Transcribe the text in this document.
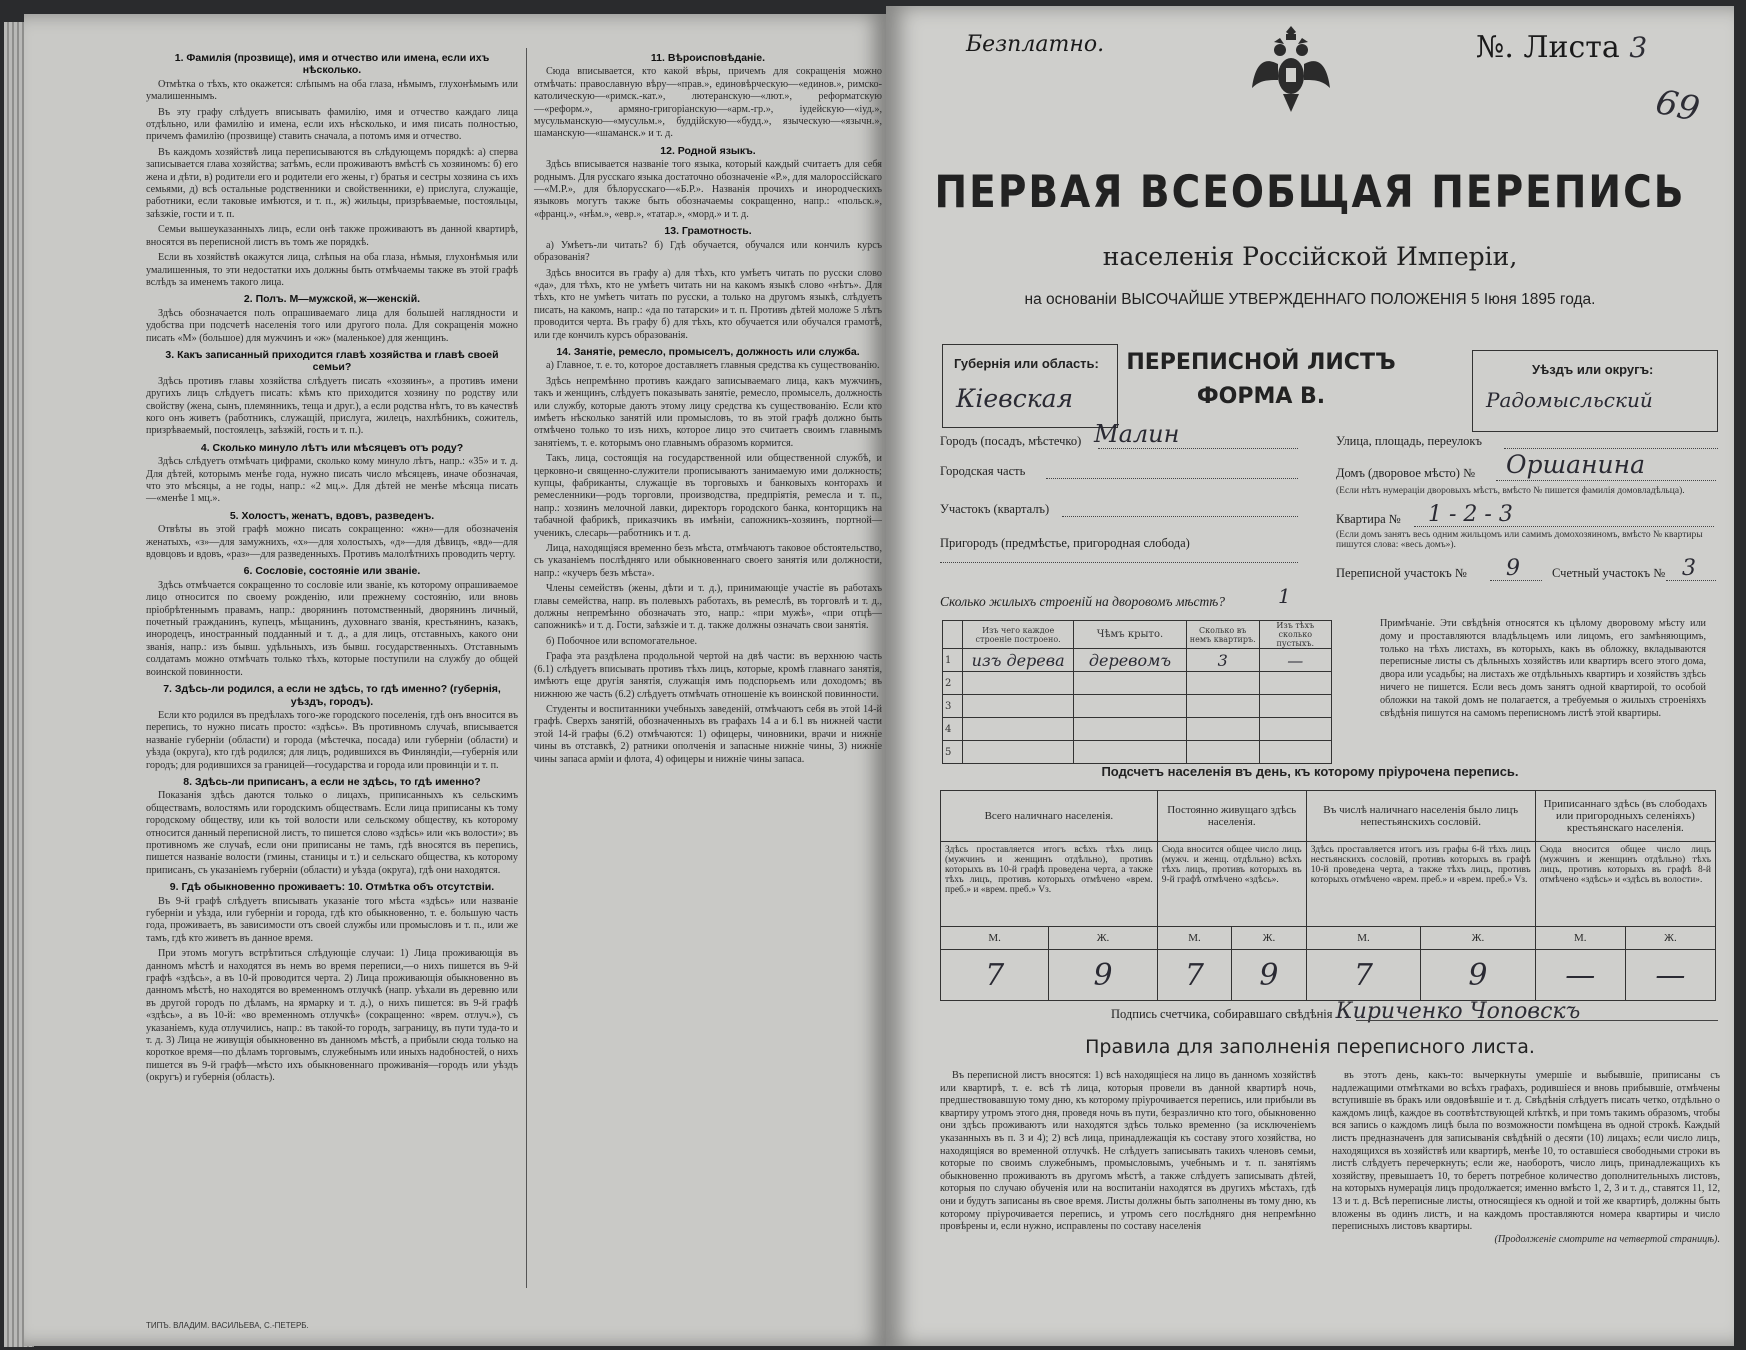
1. Фамилія (прозвище), имя и отчество или имена, если ихъ нѣсколько.

Отмѣтка о тѣхъ, кто окажется: слѣпымъ на оба глаза, нѣмымъ, глухонѣмымъ или умалишеннымъ.

Въ эту графу слѣдуетъ вписывать фамилію, имя и отчество каждаго лица отдѣльно, или фамилію и имена, если ихъ нѣсколько, и имя писать полностью, причемъ фамилію (прозвище) ставить сначала, а потомъ имя и отчество.

Въ каждомъ хозяйствѣ лица переписываются въ слѣдующемъ порядкѣ: а) сперва записывается глава хозяйства; затѣмъ, если проживаютъ вмѣстѣ съ хозяиномъ: б) его жена и дѣти, в) родители его и родители его жены, г) братья и сестры хозяина съ ихъ семьями, д) всѣ остальные родственники и свойственники, е) прислуга, служащіе, работники, если таковые имѣются, и т. п., ж) жильцы, призрѣваемые, постояльцы, заѣзжіе, гости и т. п.

Семьи вышеуказанныхъ лицъ, если онѣ также проживаютъ въ данной квартирѣ, вносятся въ переписной листъ въ томъ же порядкѣ.

Если въ хозяйствѣ окажутся лица, слѣпыя на оба глаза, нѣмыя, глухонѣмыя или умалишенныя, то эти недостатки ихъ должны быть отмѣчаемы также въ этой графѣ вслѣдъ за именемъ такого лица.

2. Полъ. М—мужской, ж—женскій.

Здѣсь обозначается полъ опрашиваемаго лица для большей наглядности и удобства при подсчетѣ населенія того или другого пола. Для сокращенія можно писать «М» (большое) для мужчинъ и «ж» (маленькое) для женщинъ.

3. Какъ записанный приходится главѣ хозяйства и главѣ своей семьи?

Здѣсь противъ главы хозяйства слѣдуетъ писать «хозяинъ», а противъ имени другихъ лицъ слѣдуетъ писать: кѣмъ кто приходится хозяину по родству или свойству (жена, сынъ, племянникъ, теща и друг.), а если родства нѣтъ, то въ качествѣ кого онъ живетъ (работникъ, служащій, прислуга, жилецъ, нахлѣбникъ, сожитель, призрѣваемый, постоялецъ, заѣзжій, гость и т. п.).

4. Сколько минуло лѣтъ или мѣсяцевъ отъ роду?

Здѣсь слѣдуетъ отмѣчать цифрами, сколько кому минуло лѣтъ, напр.: «35» и т. д. Для дѣтей, которымъ менѣе года, нужно писать число мѣсяцевъ, иначе обозначая, что это мѣсяцы, а не годы, напр.: «2 мц.». Для дѣтей не менѣе мѣсяца писать—«менѣе 1 мц.».

5. Холостъ, женатъ, вдовъ, разведенъ.

Отвѣты въ этой графѣ можно писать сокращенно: «жн»—для обозначенія женатыхъ, «з»—для замужнихъ, «х»—для холостыхъ, «д»—для дѣвицъ, «вд»—для вдовцовъ и вдовъ, «раз»—для разведенныхъ. Противъ малолѣтнихъ проводить черту.

6. Сословіе, состояніе или званіе.

Здѣсь отмѣчается сокращенно то сословіе или званіе, къ которому опрашиваемое лицо относится по своему рожденію, или прежнему состоянію, или вновь пріобрѣтеннымъ правамъ, напр.: дворянинъ потомственный, дворянинъ личный, почетный гражданинъ, купецъ, мѣщанинъ, духовнаго званія, крестьянинъ, казакъ, инородецъ, иностранный подданный и т. д., а для лицъ, отставныхъ, какого они званія, напр.: изъ бывш. удѣльныхъ, изъ бывш. государственныхъ. Отставнымъ солдатамъ можно отмѣчать только тѣхъ, которые поступили на службу до общей воинской повинности.

7. Здѣсь-ли родился, а если не здѣсь, то гдѣ именно? (губернія, уѣздъ, городъ).

Если кто родился въ предѣлахъ того-же городского поселенія, гдѣ онъ вносится въ перепись, то нужно писать просто: «здѣсь». Въ противномъ случаѣ, вписывается названіе губерніи (области) и города (мѣстечка, посада) или губерніи (области) и уѣзда (округа), кто гдѣ родился; для лицъ, родившихся въ Финляндіи,—губернія или городъ; для родившихся за границей—государства и города или провинціи и т. п.

8. Здѣсь-ли приписанъ, а если не здѣсь, то гдѣ именно?

Показанія здѣсь даются только о лицахъ, приписанныхъ къ сельскимъ обществамъ, волостямъ или городскимъ обществамъ. Если лица приписаны къ тому городскому обществу, или къ той волости или сельскому обществу, къ которому относится данный переписной листъ, то пишется слово «здѣсь» или «къ волости»; въ противномъ же случаѣ, если они приписаны не тамъ, гдѣ вносятся въ перепись, пишется названіе волости (гмины, станицы и т.) и сельскаго общества, къ которому приписанъ, съ указаніемъ губерніи (области) и уѣзда (округа), гдѣ они находятся.

9. Гдѣ обыкновенно проживаетъ: 10. Отмѣтка объ отсутствіи.

Въ 9-й графѣ слѣдуетъ вписывать указаніе того мѣста «здѣсь» или названіе губерніи и уѣзда, или губерніи и города, гдѣ кто обыкновенно, т. е. большую часть года, проживаетъ, въ зависимости отъ своей службы или промысловъ и т. п., или же тамъ, гдѣ кто живетъ въ данное время.

При этомъ могутъ встрѣтиться слѣдующіе случаи: 1) Лица проживающія въ данномъ мѣстѣ и находятся въ немъ во время переписи,—о нихъ пишется въ 9-й графѣ «здѣсь», а въ 10-й проводится черта. 2) Лица проживающія обыкновенно въ данномъ мѣстѣ, но находятся во временномъ отлучкѣ (напр. уѣхали въ деревню или въ другой городъ по дѣламъ, на ярмарку и т. д.), о нихъ пишется: въ 9-й графѣ «здѣсь», а въ 10-й: «во временномъ отлучкѣ» (сокращенно: «врем. отлуч.»), съ указаніемъ, куда отлучились, напр.: въ такой-то городъ, заграницу, въ пути туда-то и т. д. 3) Лица не живущія обыкновенно въ данномъ мѣстѣ, а прибыли сюда только на короткое время—по дѣламъ торговымъ, служебнымъ или иныхъ надобностей, о нихъ пишется въ 9-й графѣ—мѣсто ихъ обыкновеннаго проживанія—городъ или уѣздъ (округъ) и губернія (область).

11. Вѣроисповѣданіе.

Сюда вписывается, кто какой вѣры, причемъ для сокращенія можно отмѣчать: православную вѣру—«прав.», единовѣрческую—«единов.», римско-католическую—«римск.-кат.», лютеранскую—«лют.», реформатскую—«реформ.», армяно-григоріанскую—«арм.-гр.», іудейскую—«іуд.», мусульманскую—«мусульм.», буддійскую—«будд.», языческую—«язычн.», шаманскую—«шаманск.» и т. д.

12. Родной языкъ.

Здѣсь вписывается названіе того языка, который каждый считаетъ для себя роднымъ. Для русскаго языка достаточно обозначеніе «Р.», для малороссійскаго—«М.Р.», для бѣлорусскаго—«Б.Р.». Названія прочихъ и инородческихъ языковъ могутъ также быть обозначаемы сокращенно, напр.: «польск.», «франц.», «нѣм.», «евр.», «татар.», «морд.» и т. д.

13. Грамотность.

а) Умѣетъ-ли читать? б) Гдѣ обучается, обучался или кончилъ курсъ образованія?

Здѣсь вносится въ графу а) для тѣхъ, кто умѣетъ читать по русски слово «да», для тѣхъ, кто не умѣетъ читать ни на какомъ языкѣ слово «нѣтъ». Для тѣхъ, кто не умѣетъ читать по русски, а только на другомъ языкѣ, слѣдуетъ писать, на какомъ, напр.: «да по татарски» и т. п. Противъ дѣтей моложе 5 лѣтъ проводится черта. Въ графу б) для тѣхъ, кто обучается или обучался грамотѣ, или где кончилъ курсъ образованія.

14. Занятіе, ремесло, промыселъ, должность или служба.

а) Главное, т. е. то, которое доставляетъ главныя средства къ существованію.

Здѣсь непремѣнно противъ каждаго записываемаго лица, какъ мужчинъ, такъ и женщинъ, слѣдуетъ показывать занятіе, ремесло, промыселъ, должность или службу, которые даютъ этому лицу средства къ существованію. Если кто имѣетъ нѣсколько занятій или промысловъ, то въ этой графѣ должно быть отмѣчено только то изъ нихъ, которое лицо это считаетъ своимъ главнымъ занятіемъ, т. е. которымъ оно главнымъ образомъ кормится.

Такъ, лица, состоящія на государственной или общественной службѣ, и церковно-и священно-служители прописываютъ занимаемую ими должность; купцы, фабриканты, служащіе въ торговыхъ и банковыхъ конторахъ и ремесленники—родъ торговли, производства, предпріятія, ремесла и т. п., напр.: хозяинъ мелочной лавки, директоръ городского банка, конторщикъ на табачной фабрикѣ, приказчикъ въ имѣніи, сапожникъ-хозяинъ, портной—ученикъ, слесарь—работникъ и т. д.

Лица, находящіяся временно безъ мѣста, отмѣчаютъ таковое обстоятельство, съ указаніемъ послѣдняго или обыкновеннаго своего занятія или должности, напр.: «кучеръ безъ мѣста».

Члены семействъ (жены, дѣти и т. д.), принимающіе участіе въ работахъ главы семейства, напр. въ полевыхъ работахъ, въ ремеслѣ, въ торговлѣ и т. д., должны непремѣнно обозначать это, напр.: «при мужѣ», «при отцѣ—сапожникѣ» и т. д. Гости, заѣзжіе и т. д. также должны означать свои занятія.

б) Побочное или вспомогательное.

Графа эта раздѣлена продольной чертой на двѣ части: въ верхнюю часть (6.1) слѣдуетъ вписывать противъ тѣхъ лицъ, которые, кромѣ главнаго занятія, имѣютъ еще другія занятія, служащія имъ подспорьемъ или доходомъ; въ нижнюю же часть (6.2) слѣдуетъ отмѣчать отношеніе къ воинской повинности.

Студенты и воспитанники учебныхъ заведеній, отмѣчаютъ себя въ этой 14-й графѣ. Сверхъ занятій, обозначенныхъ въ графахъ 14 а и 6.1 въ нижней части этой 14-й графы (6.2) отмѣчаются: 1) офицеры, чиновники, врачи и нижніе чины въ отставкѣ, 2) ратники ополченія и запасные нижніе чины, 3) нижніе чины запаса арміи и флота, 4) офицеры и нижніе чины запаса.

ТИПЪ. ВЛАДИМ. ВАСИЛЬЕВА, С.-ПЕТЕРБ.
Безплатно.	№. Листа 3
69
ПЕРВАЯ ВСЕОБЩАЯ ПЕРЕПИСЬ
населенія Россійской Имперіи,
на основаніи ВЫСОЧАЙШЕ УТВЕРЖДЕННАГО ПОЛОЖЕНІЯ 5 Іюня 1895 года.
Губернія или область:
Кіевская
ПЕРЕПИСНОЙ ЛИСТЪ
ФОРМА В.
Уѣздъ или округъ:
Радомысльский
Городъ (посадъ, мѣстечко) Малин	Улица, площадь, переулокъ
Городская часть	Домъ (дворовое мѣсто) № Оршанина
(Если нѣтъ нумераціи дворовыхъ мѣстъ, вмѣсто № пишется фамилія домовладѣльца).
Участокъ (кварталъ)
Квартира № 1 - 2 - 3
(Если домъ занятъ весь одним жильцомъ или самимъ домохозяиномъ, вмѣсто № квартиры пишутся слова: «весь домъ»).
Пригородъ (предмѣстье, пригородная слобода)
Переписной участокъ № 9	Счетный участокъ № 3
Сколько жилыхъ строеній на дворовомъ мѣстѣ?	1
	Изъ чего каждое строеніе построено.	Чѣмъ крыто.	Сколько въ немъ квартиръ.	Изъ тѣхъ сколько пустыхъ.
1	изъ дерева	деревомъ	3	—
2				
3				
4				
5				
Примѣчаніе. Эти свѣдѣнія относятся къ цѣлому дворовому мѣсту или дому и проставляются владѣльцемъ или лицомъ, его замѣняющимъ, только на тѣхъ листахъ, въ которыхъ, какъ въ обложку, вкладываются переписные листы съ дѣльныхъ хозяйствъ или квартиръ всего этого дома, двора или усадьбы; на листахъ же отдѣльныхъ квартиръ и хозяйствъ здѣсь ничего не пишется. Если весь домъ занятъ одной квартирой, то особой обложки на такой домъ не полагается, а требуемыя о жилыхъ строеніяхъ свѣдѣнія пишутся на самомъ переписномъ листѣ этой квартиры.
Подсчетъ населенія въ день, къ которому пріурочена перепись.
Всего наличнаго населенія.		Постоянно живущаго здѣсь населенія.		Въ числѣ наличнаго населенія было лицъ непестьянскихъ сословій.		Приписаннаго здѣсь (въ слободахъ или пригородныхъ селеніяхъ) крестьянскаго населенія.	
Здѣсь проставляется итогъ всѣхъ тѣхъ лицъ (мужчинъ и женщинъ отдѣльно), противъ которыхъ въ 10-й графѣ проведена черта, а также тѣхъ лицъ, противъ которыхъ отмѣчено «врем. преб.» и «врем. преб.» Vз.		Сюда вносится общее число лицъ (мужч. и женщ. отдѣльно) всѣхъ тѣхъ лицъ, противъ которыхъ въ 9-й графѣ отмѣчено «здѣсь».		Здѣсь проставляется итогъ изъ графы 6-й тѣхъ лицъ нестьянскихъ сословій, противъ которыхъ въ графѣ 10-й проведена черта, а также тѣхъ лицъ, противъ которыхъ отмѣчено «врем. преб.» и «врем. преб.» Vз.		Сюда вносится общее число лицъ (мужчинъ и женщинъ отдѣльно) тѣхъ лицъ, противъ которыхъ въ графѣ 8-й отмѣчено «здѣсь» и «здѣсь въ волости».	
М.	Ж.	М.	Ж.	М.	Ж.	М.	Ж.
7	9	7	9	7	9	—	—
Подпись счетчика, собиравшаго свѣдѣнія Кириченко Чоповскъ
Правила для заполненія переписного листа.

Въ переписной листъ вносятся: 1) всѣ находящіеся на лицо въ данномъ хозяйствѣ или квартирѣ, т. е. всѣ тѣ лица, которыя провели въ данной квартирѣ ночь, предшествовавшую тому дню, къ которому пріурочивается перепись, или прибыли въ квартиру утромъ этого дня, проведя ночь въ пути, безразлично кто того, обыкновенно они здѣсь проживаютъ или находятся здѣсь только временно (за исключеніемъ указанныхъ въ п. 3 и 4); 2) всѣ лица, принадлежащія къ составу этого хозяйства, но находящіяся во временной отлучкѣ. Не слѣдуетъ записывать такихъ членовъ семьи, которые по своимъ служебнымъ, промысловымъ, учебнымъ и т. п. занятіямъ обыкновенно проживаютъ въ другомъ мѣстѣ, а также слѣдуетъ записывать дѣтей, которыя по случаю обученія или на воспитаніи находятся въ другихъ мѣстахъ, гдѣ они и будутъ записаны въ свое время. Листы должны быть заполнены въ тому дню, къ которому пріурочивается перепись, и утромъ сего послѣдняго дня непремѣнно провѣрены и, если нужно, исправлены по составу населенія

въ этотъ день, какъ-то: вычеркнуты умершіе и выбывшіе, приписаны съ надлежащими отмѣтками во всѣхъ графахъ, родившіеся и вновь прибывшіе, отмѣчены вступившіе въ бракъ или овдовѣвшіе и т. д. Свѣдѣнія слѣдуетъ писать четко, отдѣльно о каждомъ лицѣ, каждое въ соотвѣтствующей клѣткѣ, и при томъ такимъ образомъ, чтобы вся запись о каждомъ лицѣ была по возможности помѣщена въ одной строкѣ. Каждый листъ предназначенъ для записыванія свѣдѣній о десяти (10) лицахъ; если число лицъ, находящихся въ хозяйствѣ или квартирѣ, менѣе 10, то оставшіеся свободными строки въ листѣ слѣдуетъ перечеркнуть; если же, наоборотъ, число лицъ, принадлежащихъ къ хозяйству, превышаетъ 10, то беретъ потребное количество дополнительныхъ листовъ, на которыхъ нумерація лицъ продолжается; именно вмѣсто 1, 2, 3 и т. д., ставятся 11, 12, 13 и т. д. Всѣ переписные листы, относящіеся къ одной и той же квартирѣ, должны быть вложены въ одинъ листъ, и на каждомъ проставляются номера квартиры и число переписныхъ листовъ квартиры.

(Продолженіе смотрите на четвертой страницѣ).
